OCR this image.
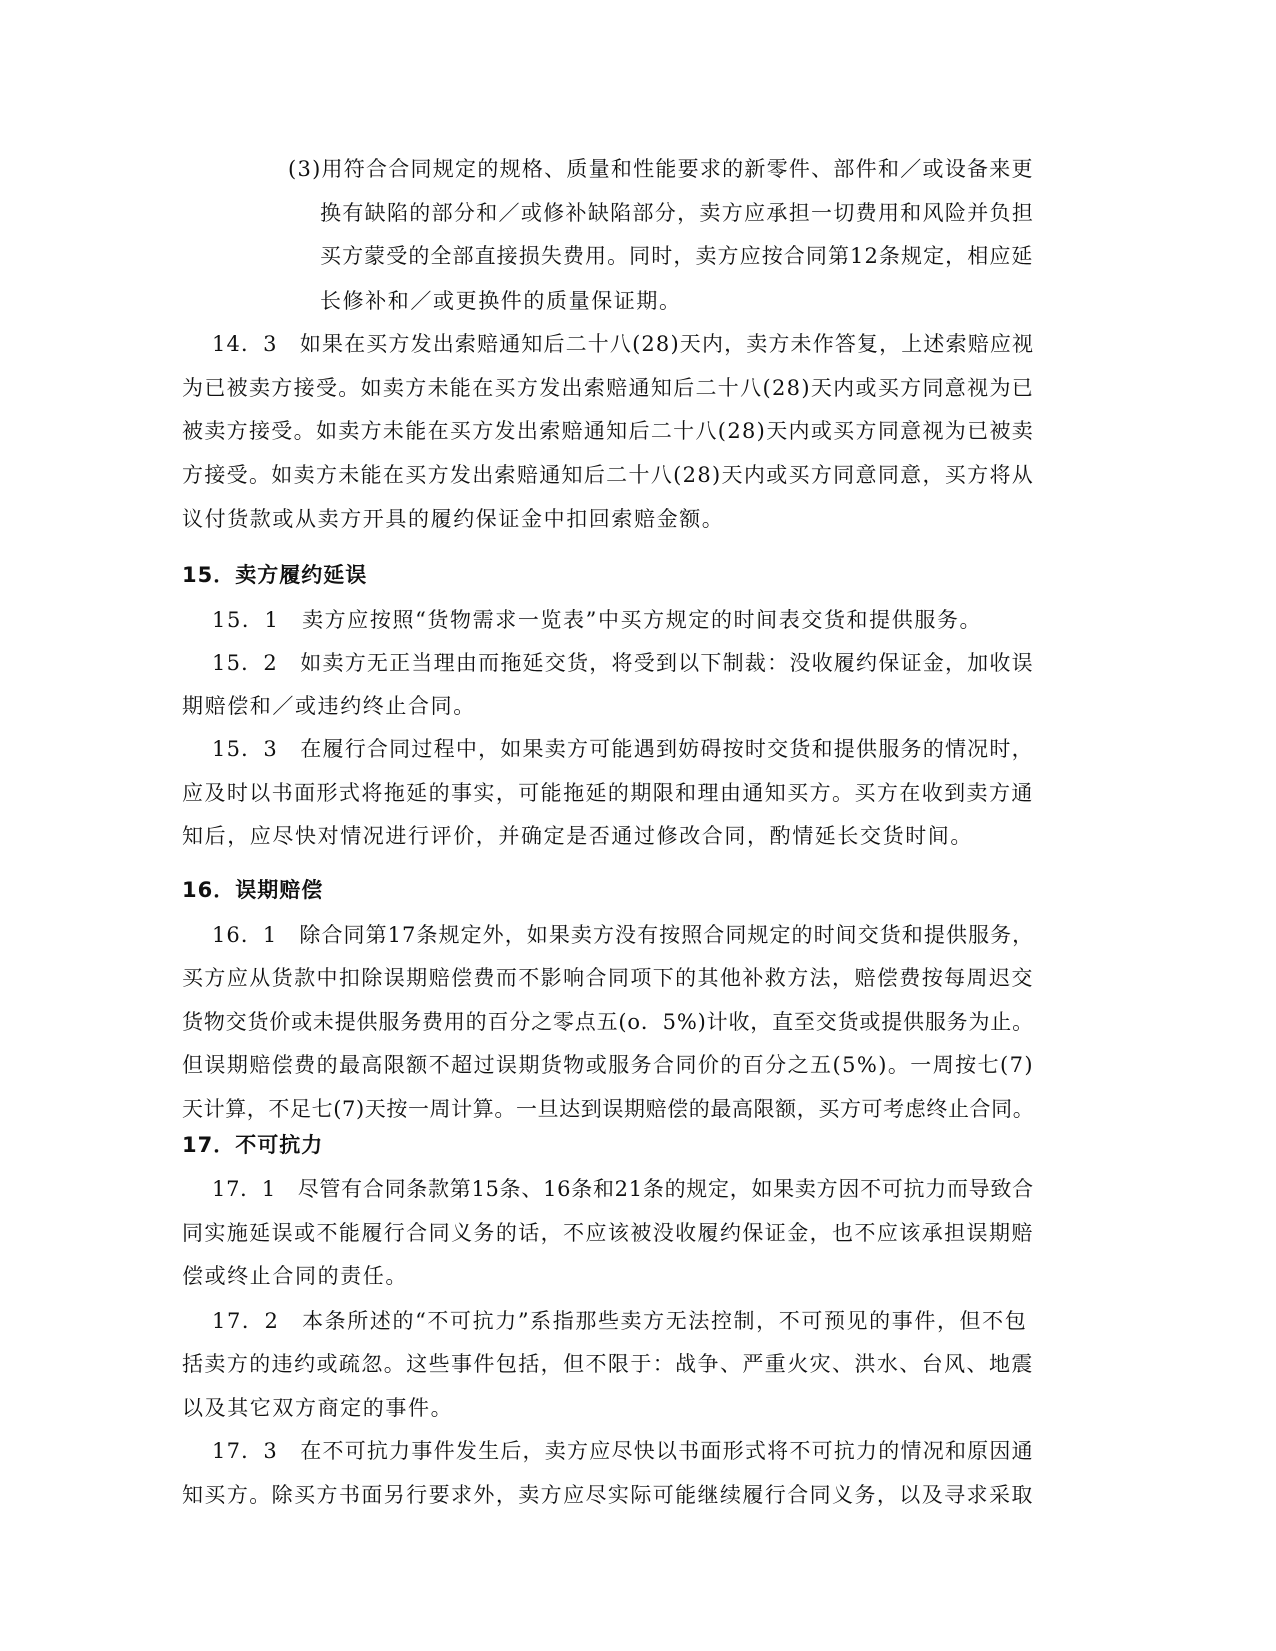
(3)用符合合同规定的规格、质量和性能要求的新零件、部件和／或设备来更
换有缺陷的部分和／或修补缺陷部分，卖方应承担一切费用和风险并负担
买方蒙受的全部直接损失费用。同时，卖方应按合同第12条规定，相应延
长修补和／或更换件的质量保证期。
14．3　如果在买方发出索赔通知后二十八(28)天内，卖方未作答复，上述索赔应视
为已被卖方接受。如卖方未能在买方发出索赔通知后二十八(28)天内或买方同意视为已
被卖方接受。如卖方未能在买方发出索赔通知后二十八(28)天内或买方同意视为已被卖
方接受。如卖方未能在买方发出索赔通知后二十八(28)天内或买方同意同意，买方将从
议付货款或从卖方开具的履约保证金中扣回索赔金额。
15．卖方履约延误
15．1　卖方应按照“货物需求一览表”中买方规定的时间表交货和提供服务。
15．2　如卖方无正当理由而拖延交货，将受到以下制裁：没收履约保证金，加收误
期赔偿和／或违约终止合同。
15．3　在履行合同过程中，如果卖方可能遇到妨碍按时交货和提供服务的情况时，
应及时以书面形式将拖延的事实，可能拖延的期限和理由通知买方。买方在收到卖方通
知后，应尽快对情况进行评价，并确定是否通过修改合同，酌情延长交货时间。
16．误期赔偿
16．1　除合同第17条规定外，如果卖方没有按照合同规定的时间交货和提供服务，
买方应从货款中扣除误期赔偿费而不影响合同项下的其他补救方法，赔偿费按每周迟交
货物交货价或未提供服务费用的百分之零点五(o．5%)计收，直至交货或提供服务为止。
但误期赔偿费的最高限额不超过误期货物或服务合同价的百分之五(5%)。一周按七(7)
天计算，不足七(7)天按一周计算。一旦达到误期赔偿的最高限额，买方可考虑终止合同。
17．不可抗力
17．1　尽管有合同条款第15条、16条和21条的规定，如果卖方因不可抗力而导致合
同实施延误或不能履行合同义务的话，不应该被没收履约保证金，也不应该承担误期赔
偿或终止合同的责任。
17．2　本条所述的“不可抗力”系指那些卖方无法控制，不可预见的事件，但不包
括卖方的违约或疏忽。这些事件包括，但不限于：战争、严重火灾、洪水、台风、地震
以及其它双方商定的事件。
17．3　在不可抗力事件发生后，卖方应尽快以书面形式将不可抗力的情况和原因通
知买方。除买方书面另行要求外，卖方应尽实际可能继续履行合同义务，以及寻求采取
